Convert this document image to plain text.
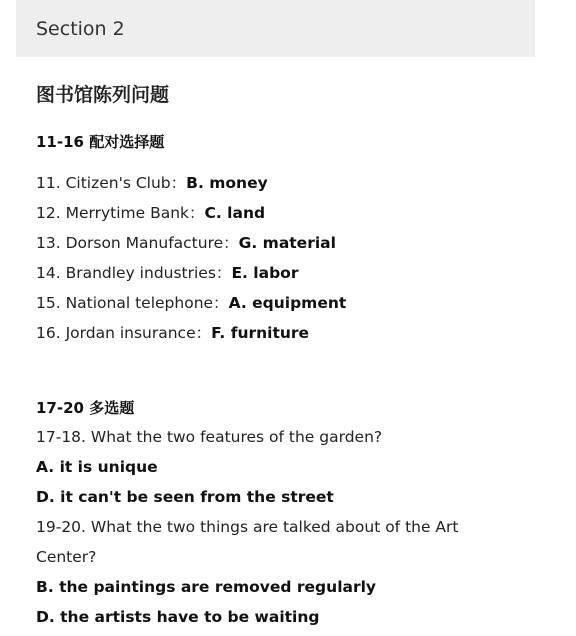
Section 2
图书馆陈列问题
11-16 配对选择题
11. Citizen's Club：B. money
12. Merrytime Bank：C. land
13. Dorson Manufacture：G. material
14. Brandley industries：E. labor
15. National telephone：A. equipment
16. Jordan insurance：F. furniture
17-20 多选题
17-18. What the two features of the garden?
A. it is unique
D. it can't be seen from the street
19-20. What the two things are talked about of the Art
Center?
B. the paintings are removed regularly
D. the artists have to be waiting
